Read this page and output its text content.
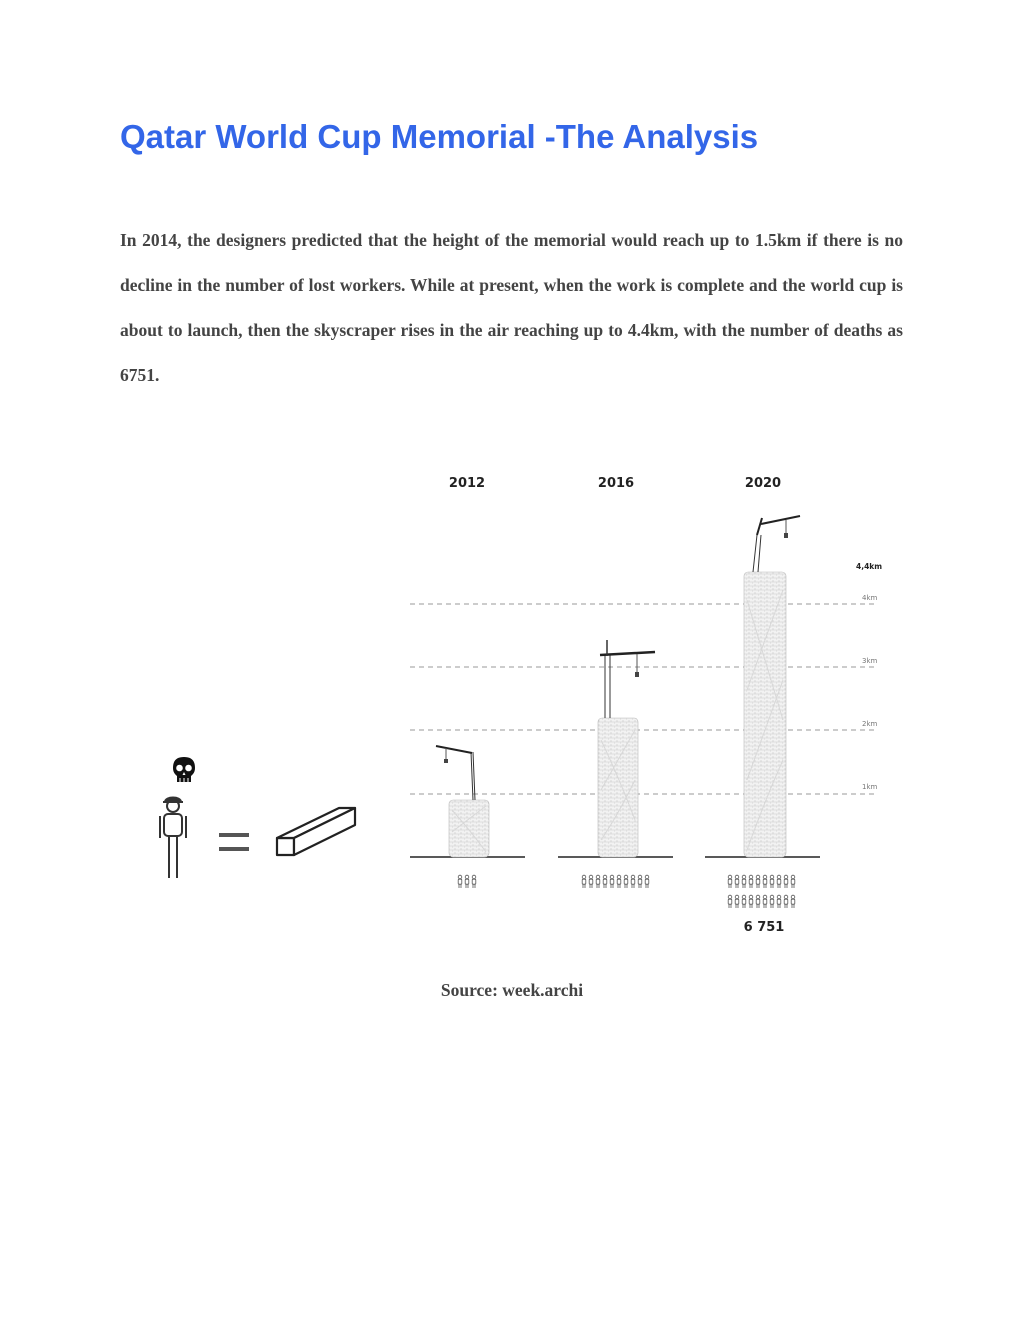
Qatar World Cup Memorial -The Analysis

In 2014, the designers predicted that the height of the memorial would reach up to 1.5km if there is no decline in the number of lost workers. While at present, when the work is complete and the world cup is about to launch, then the skyscraper rises in the air reaching up to 4.4km, with the number of deaths as 6751.

2012	2016	2020
4km
3km
2km
1km
4,4km
6 751
Source: week.archi
